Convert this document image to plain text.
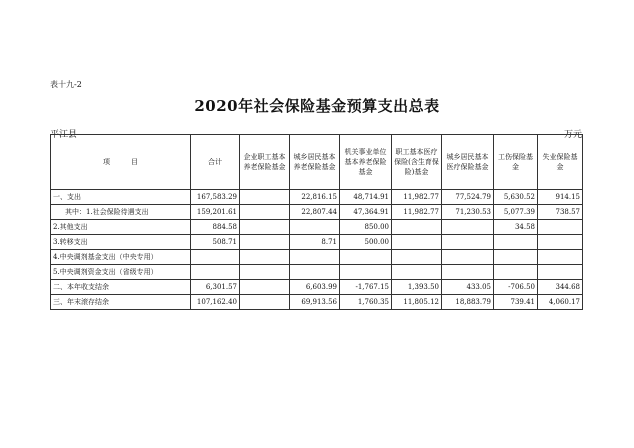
表十九-2
2020年社会保险基金预算支出总表
平江县	万元
项　　　目	合计	企业职工基本养老保险基金	城乡居民基本养老保险基金	机关事业单位基本养老保险基金	职工基本医疗保险(含生育保险)基金	城乡居民基本医疗保险基金	工伤保险基金	失业保险基金
一、支出	167,583.29		22,816.15	48,714.91	11,982.77	77,524.79	5,630.52	914.15
其中：1.社会保险待遇支出	159,201.61		22,807.44	47,364.91	11,982.77	71,230.53	5,077.39	738.57
2.其他支出	884.58			850.00			34.58	
3.转移支出	508.71		8.71	500.00				
4.中央调剂基金支出（中央专用）								
5.中央调剂资金支出（省级专用）								
二、本年收支结余	6,301.57		6,603.99	-1,767.15	1,393.50	433.05	-706.50	344.68
三、年末滚存结余	107,162.40		69,913.56	1,760.35	11,805.12	18,883.79	739.41	4,060.17
